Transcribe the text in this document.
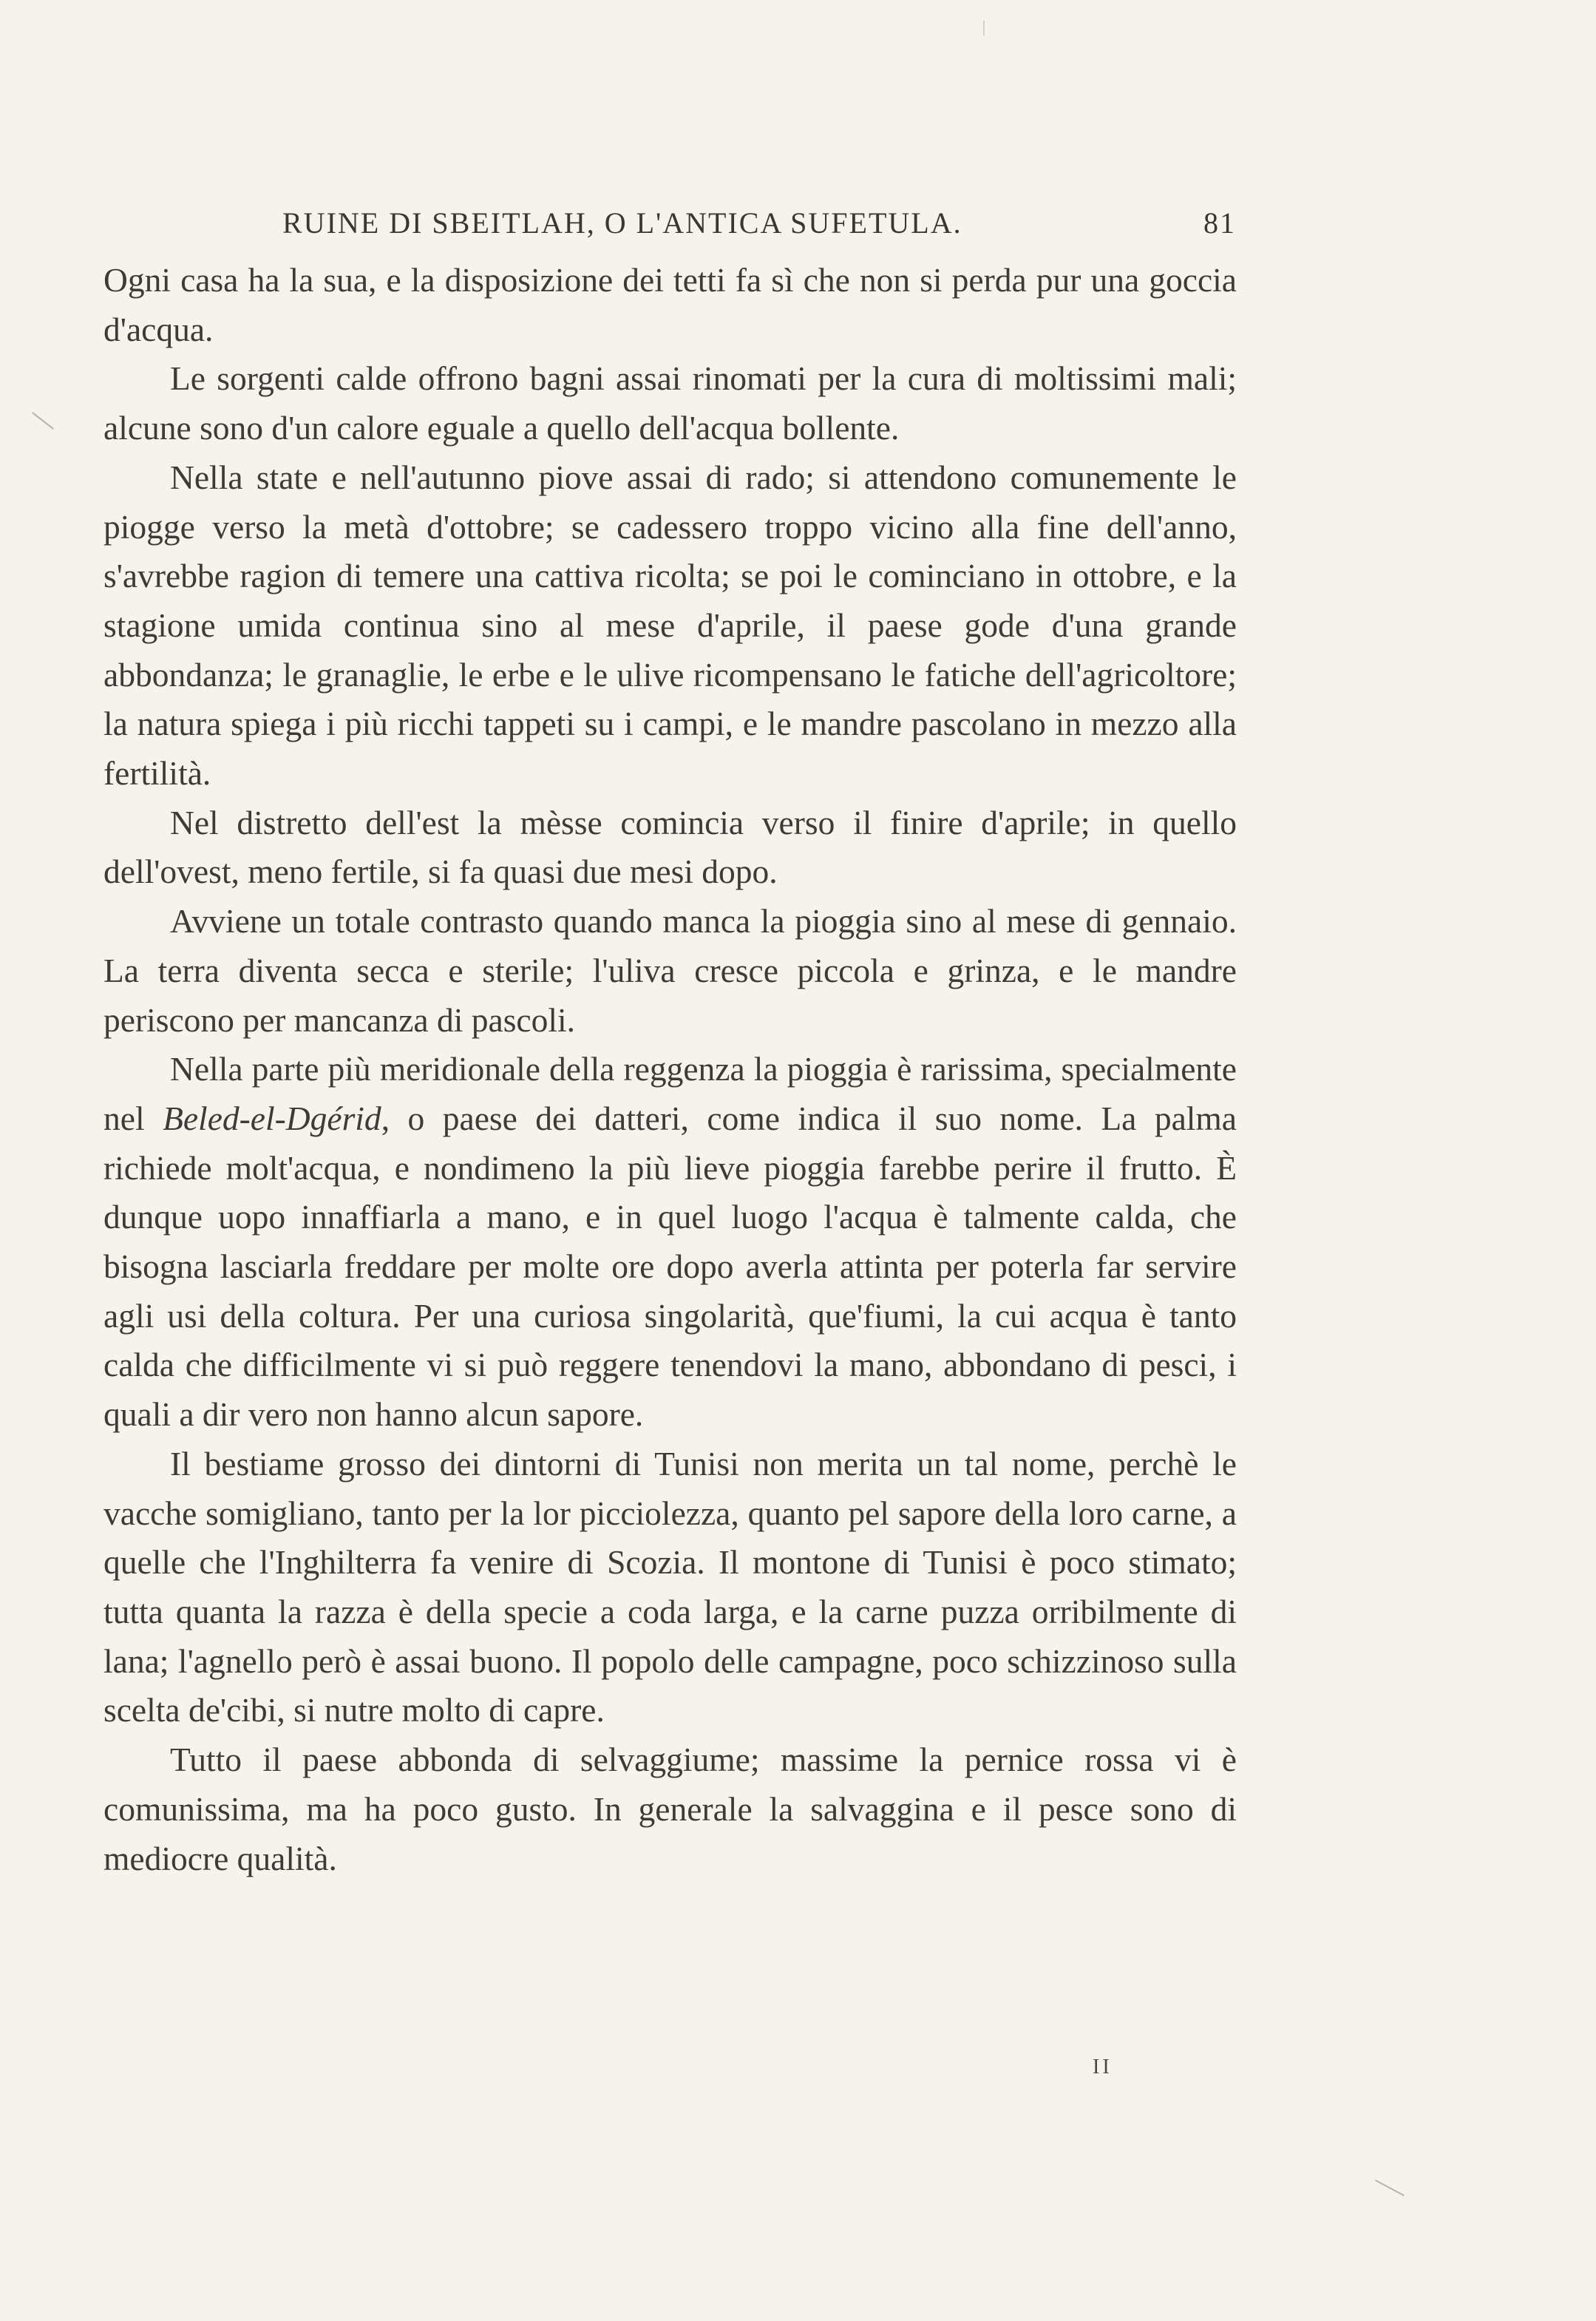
RUINE DI SBEITLAH, O L'ANTICA SUFETULA.	81

Ogni casa ha la sua, e la disposizione dei tetti fa sì che non si perda pur una goccia d'acqua.

Le sorgenti calde offrono bagni assai rinomati per la cura di moltissimi mali; alcune sono d'un calore eguale a quello dell'acqua bollente.

Nella state e nell'autunno piove assai di rado; si attendono comunemente le piogge verso la metà d'ottobre; se cadessero troppo vicino alla fine dell'anno, s'avrebbe ragion di temere una cattiva ricolta; se poi le cominciano in ottobre, e la stagione umida continua sino al mese d'aprile, il paese gode d'una grande abbondanza; le granaglie, le erbe e le ulive ricompensano le fatiche dell'agricoltore; la natura spiega i più ricchi tappeti su i campi, e le mandre pascolano in mezzo alla fertilità.

Nel distretto dell'est la mèsse comincia verso il finire d'aprile; in quello dell'ovest, meno fertile, si fa quasi due mesi dopo.

Avviene un totale contrasto quando manca la pioggia sino al mese di gennaio. La terra diventa secca e sterile; l'uliva cresce piccola e grinza, e le mandre periscono per mancanza di pascoli.

Nella parte più meridionale della reggenza la pioggia è rarissima, specialmente nel Beled-el-Dgérid, o paese dei datteri, come indica il suo nome. La palma richiede molt'acqua, e nondimeno la più lieve pioggia farebbe perire il frutto. È dunque uopo innaffiarla a mano, e in quel luogo l'acqua è talmente calda, che bisogna lasciarla freddare per molte ore dopo averla attinta per poterla far servire agli usi della coltura. Per una curiosa singolarità, que'fiumi, la cui acqua è tanto calda che difficilmente vi si può reggere tenendovi la mano, abbondano di pesci, i quali a dir vero non hanno alcun sapore.

Il bestiame grosso dei dintorni di Tunisi non merita un tal nome, perchè le vacche somigliano, tanto per la lor picciolezza, quanto pel sapore della loro carne, a quelle che l'Inghilterra fa venire di Scozia. Il montone di Tunisi è poco stimato; tutta quanta la razza è della specie a coda larga, e la carne puzza orribilmente di lana; l'agnello però è assai buono. Il popolo delle campagne, poco schizzinoso sulla scelta de'cibi, si nutre molto di capre.

Tutto il paese abbonda di selvaggiume; massime la pernice rossa vi è comunissima, ma ha poco gusto. In generale la salvaggina e il pesce sono di mediocre qualità.

II
